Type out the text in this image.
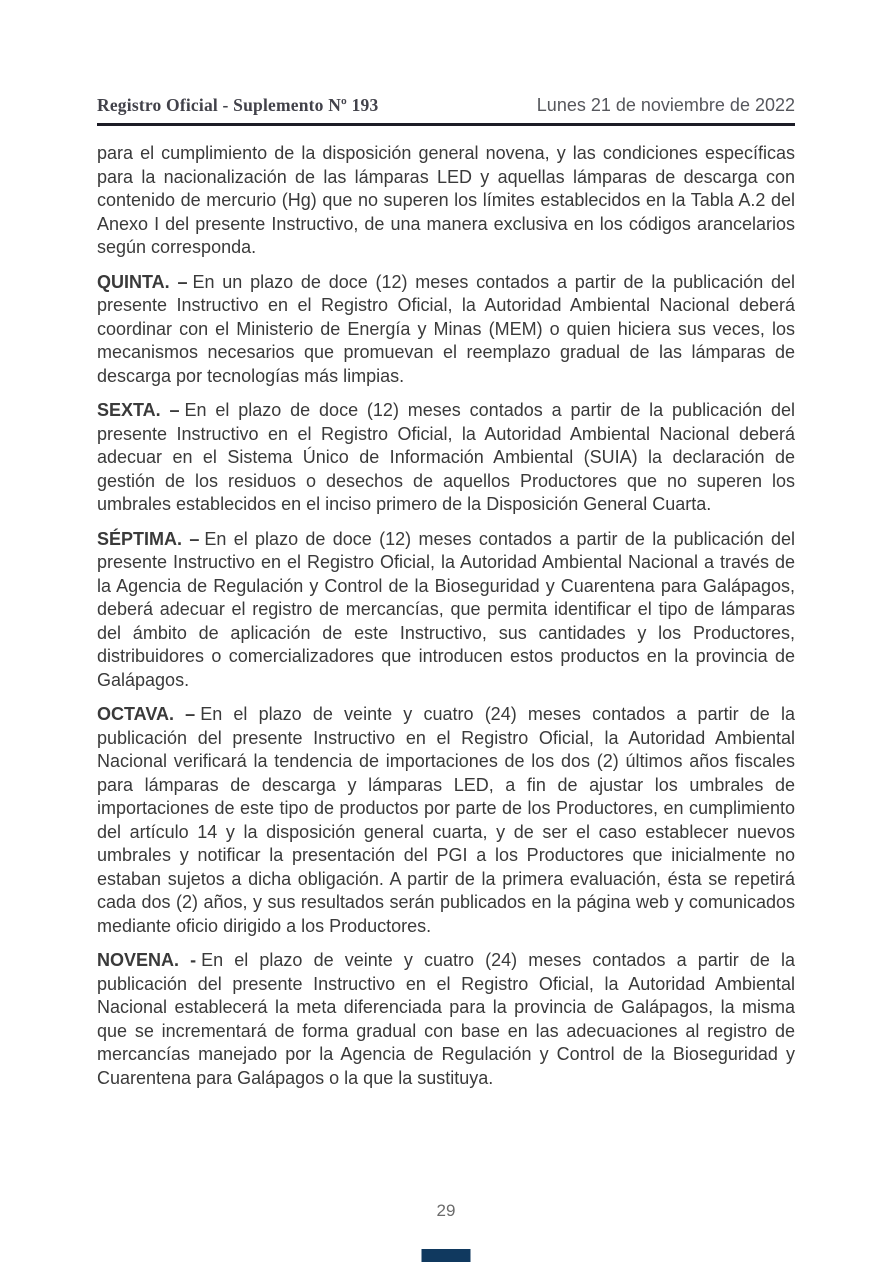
Registro Oficial - Suplemento Nº 193	Lunes 21 de noviembre de 2022

para el cumplimiento de la disposición general novena, y las condiciones específicas para la nacionalización de las lámparas LED y aquellas lámparas de descarga con contenido de mercurio (Hg) que no superen los límites establecidos en la Tabla A.2 del Anexo I del presente Instructivo, de una manera exclusiva en los códigos arancelarios según corresponda.

QUINTA. – En un plazo de doce (12) meses contados a partir de la publicación del presente Instructivo en el Registro Oficial, la Autoridad Ambiental Nacional deberá coordinar con el Ministerio de Energía y Minas (MEM) o quien hiciera sus veces, los mecanismos necesarios que promuevan el reemplazo gradual de las lámparas de descarga por tecnologías más limpias.

SEXTA. – En el plazo de doce (12) meses contados a partir de la publicación del presente Instructivo en el Registro Oficial, la Autoridad Ambiental Nacional deberá adecuar en el Sistema Único de Información Ambiental (SUIA) la declaración de gestión de los residuos o desechos de aquellos Productores que no superen los umbrales establecidos en el inciso primero de la Disposición General Cuarta.

SÉPTIMA. – En el plazo de doce (12) meses contados a partir de la publicación del presente Instructivo en el Registro Oficial, la Autoridad Ambiental Nacional a través de la Agencia de Regulación y Control de la Bioseguridad y Cuarentena para Galápagos, deberá adecuar el registro de mercancías, que permita identificar el tipo de lámparas del ámbito de aplicación de este Instructivo, sus cantidades y los Productores, distribuidores o comercializadores que introducen estos productos en la provincia de Galápagos.

OCTAVA. – En el plazo de veinte y cuatro (24) meses contados a partir de la publicación del presente Instructivo en el Registro Oficial, la Autoridad Ambiental Nacional verificará la tendencia de importaciones de los dos (2) últimos años fiscales para lámparas de descarga y lámparas LED, a fin de ajustar los umbrales de importaciones de este tipo de productos por parte de los Productores, en cumplimiento del artículo 14 y la disposición general cuarta, y de ser el caso establecer nuevos umbrales y notificar la presentación del PGI a los Productores que inicialmente no estaban sujetos a dicha obligación. A partir de la primera evaluación, ésta se repetirá cada dos (2) años, y sus resultados serán publicados en la página web y comunicados mediante oficio dirigido a los Productores.

NOVENA. - En el plazo de veinte y cuatro (24) meses contados a partir de la publicación del presente Instructivo en el Registro Oficial, la Autoridad Ambiental Nacional establecerá la meta diferenciada para la provincia de Galápagos, la misma que se incrementará de forma gradual con base en las adecuaciones al registro de mercancías manejado por la Agencia de Regulación y Control de la Bioseguridad y Cuarentena para Galápagos o la que la sustituya.

29
